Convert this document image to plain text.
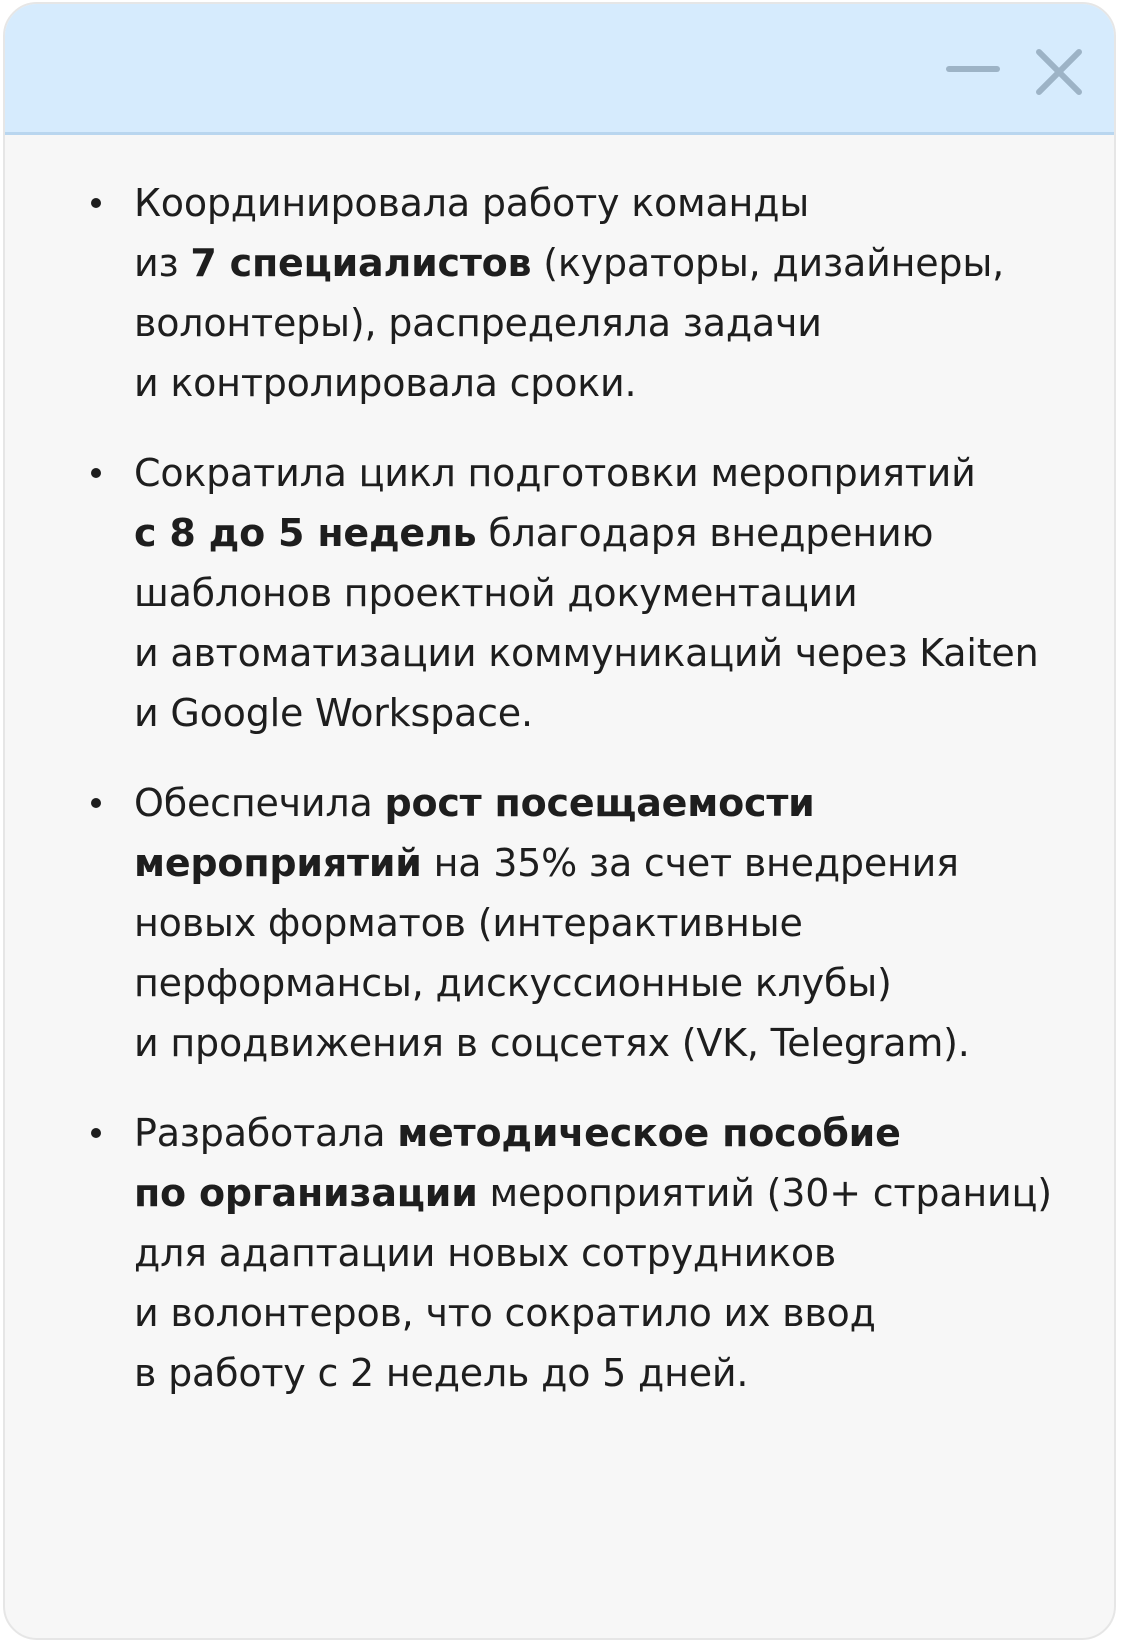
Координировала работу команды
из 7 специалистов (кураторы, дизайнеры,
волонтеры), распределяла задачи
и контролировала сроки.
Сократила цикл подготовки мероприятий
с 8 до 5 недель благодаря внедрению
шаблонов проектной документации
и автоматизации коммуникаций через Kaiten
и Google Workspace.
Обеспечила рост посещаемости
мероприятий на 35% за счет внедрения
новых форматов (интерактивные
перформансы, дискуссионные клубы)
и продвижения в соцсетях (VK, Telegram).
Разработала методическое пособие
по организации мероприятий (30+ страниц)
для адаптации новых сотрудников
и волонтеров, что сократило их ввод
в работу с 2 недель до 5 дней.
